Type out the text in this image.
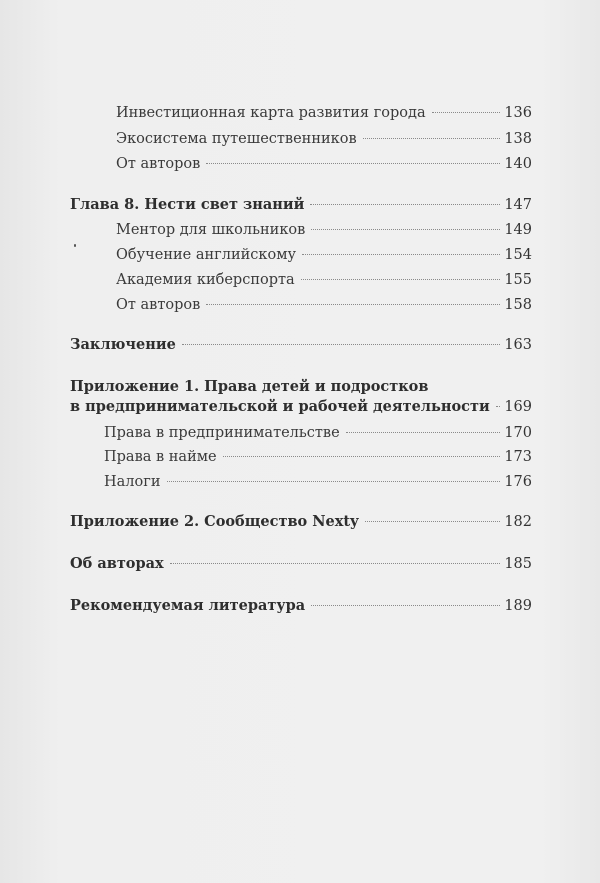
Инвестиционная карта развития города	136
Экосистема путешественников	138
От авторов	140
Глава 8. Нести свет знаний	147
Ментор для школьников	149
Обучение английскому	154
Академия киберспорта	155
От авторов	158
Заключение	163
Приложение 1. Права детей и подростков
в предпринимательской и рабочей деятельности 169
Права в предпринимательстве	170
Права в найме	173
Налоги	176
Приложение 2. Сообщество Nexty	182
Об авторах	185
Рекомендуемая литература	189
